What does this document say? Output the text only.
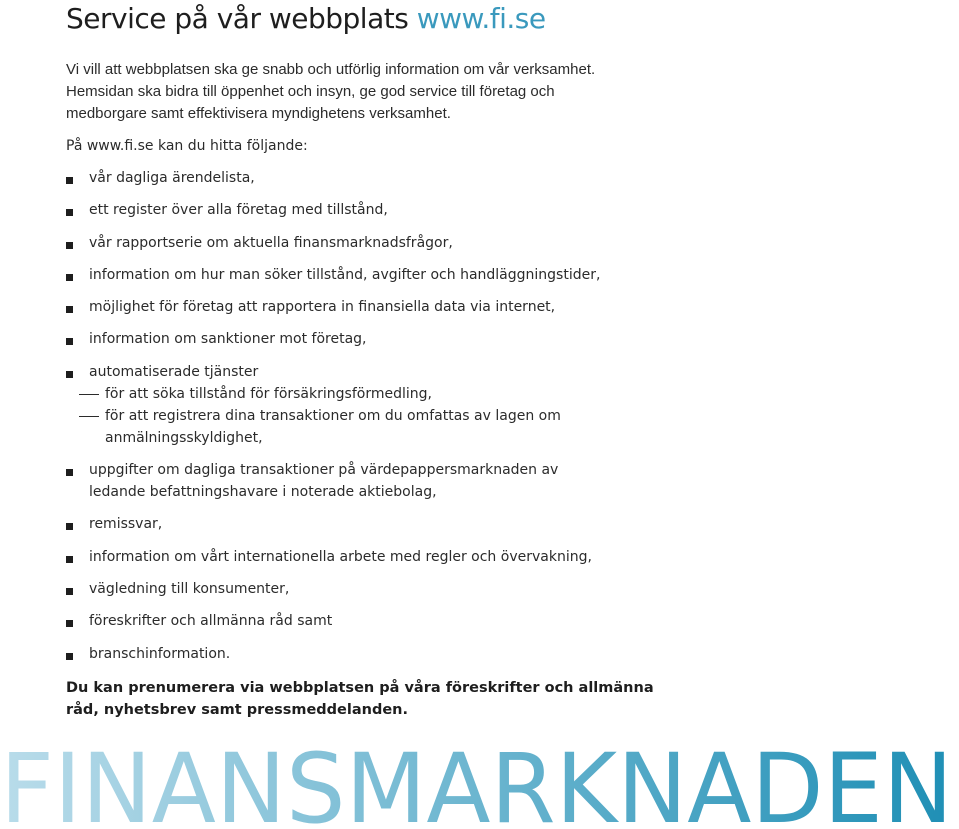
Service på vår webbplats www.fi.se

Vi vill att webbplatsen ska ge snabb och utförlig information om vår verksamhet. Hemsidan ska bidra till öppenhet och insyn, ge god service till företag och medborgare samt effektivisera myndighetens verksamhet.

På www.fi.se kan du hitta följande:

vår dagliga ärendelista,
ett register över alla företag med tillstånd,
vår rapportserie om aktuella finansmarknadsfrågor,
information om hur man söker tillstånd, avgifter och handläggningstider,
möjlighet för företag att rapportera in finansiella data via internet,
information om sanktioner mot företag,
automatiserade tjänster
för att söka tillstånd för försäkringsförmedling,
för att registrera dina transaktioner om du omfattas av lagen om anmälningsskyldighet,
uppgifter om dagliga transaktioner på värdepappersmarknaden av ledande befattningshavare i noterade aktiebolag,
remissvar,
information om vårt internationella arbete med regler och övervakning,
vägledning till konsumenter,
föreskrifter och allmänna råd samt
branschinformation.

Du kan prenumerera via webbplatsen på våra föreskrifter och allmänna råd, nyhetsbrev samt pressmeddelanden.

FINANSMARKNADEN
